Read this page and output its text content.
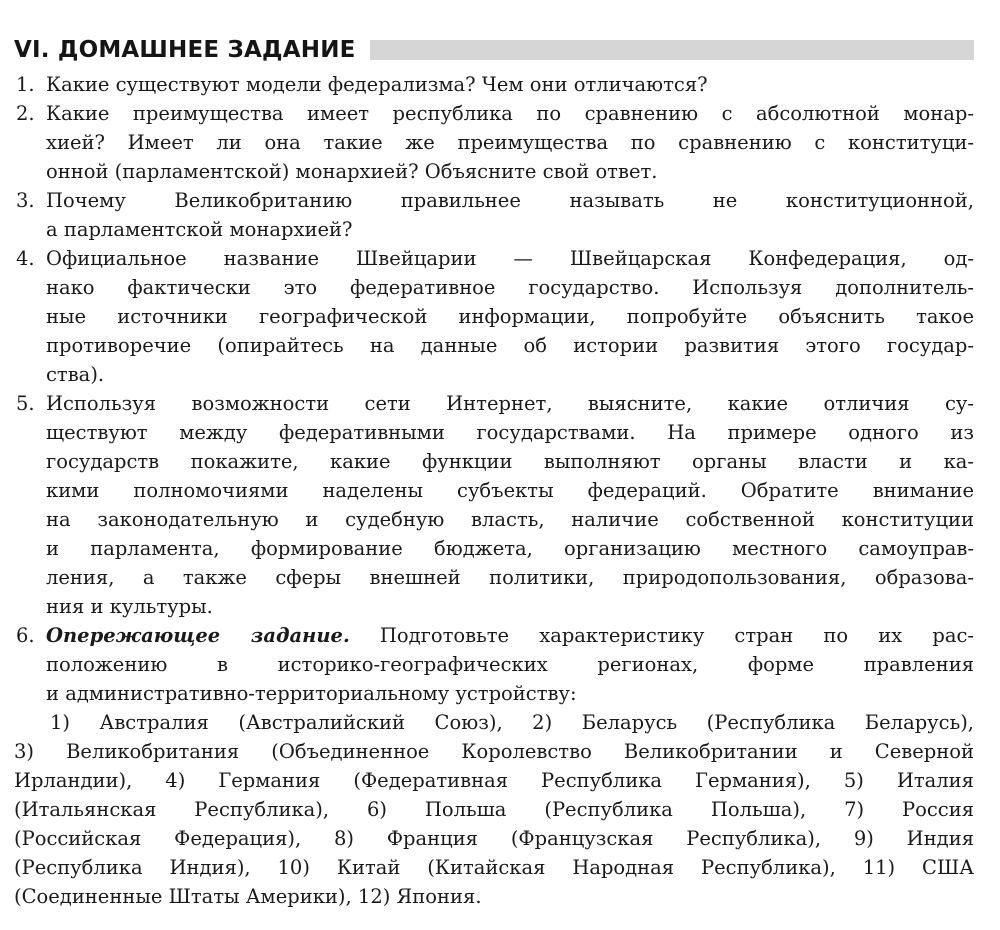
VI. ДОМАШНЕЕ ЗАДАНИЕ
1. Какие существуют модели федерализма? Чем они отличаются?
2. Какие преимущества имеет республика по сравнению с абсолютной монар-
хией? Имеет ли она такие же преимущества по сравнению с конституци-
онной (парламентской) монархией? Объясните свой ответ.
3. Почему Великобританию правильнее называть не конституционной,
а парламентской монархией?
4. Официальное название Швейцарии — Швейцарская Конфедерация, од-
нако фактически это федеративное государство. Используя дополнитель-
ные источники географической информации, попробуйте объяснить такое
противоречие (опирайтесь на данные об истории развития этого государ-
ства).
5. Используя возможности сети Интернет, выясните, какие отличия су-
ществуют между федеративными государствами. На примере одного из
государств покажите, какие функции выполняют органы власти и ка-
кими полномочиями наделены субъекты федераций. Обратите внимание
на законодательную и судебную власть, наличие собственной конституции
и парламента, формирование бюджета, организацию местного самоуправ-
ления, а также сферы внешней политики, природопользования, образова-
ния и культуры.
6. Опережающее задание. Подготовьте характеристику стран по их рас-
положению в историко-географических регионах, форме правления
и административно-территориальному устройству:
1) Австралия (Австралийский Союз), 2) Беларусь (Республика Беларусь),
3) Великобритания (Объединенное Королевство Великобритании и Северной
Ирландии), 4) Германия (Федеративная Республика Германия), 5) Италия
(Итальянская Республика), 6) Польша (Республика Польша), 7) Россия
(Российская Федерация), 8) Франция (Французская Республика), 9) Индия
(Республика Индия), 10) Китай (Китайская Народная Республика), 11) США
(Соединенные Штаты Америки), 12) Япония.
